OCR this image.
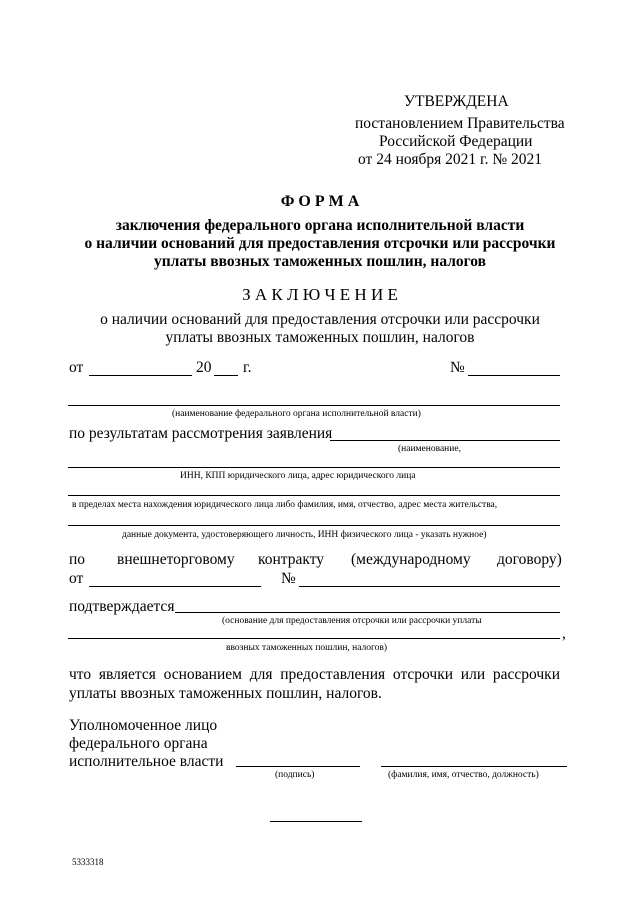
УТВЕРЖДЕНА
постановлением Правительства
Российской Федерации
от 24 ноября 2021 г. № 2021
Ф О Р М А
заключения федерального органа исполнительной власти
о наличии оснований для предоставления отсрочки или рассрочки
уплаты ввозных таможенных пошлин, налогов
З А К Л Ю Ч Е Н И Е
о наличии оснований для предоставления отсрочки или рассрочки
уплаты ввозных таможенных пошлин, налогов
от	20 г.	№
(наименование федерального органа исполнительной власти)
по результатам рассмотрения заявления
(наименование,
ИНН, КПП юридического лица, адрес юридического лица
в пределах места нахождения юридического лица либо фамилия, имя, отчество, адрес места жительства,
данные документа, удостоверяющего личность, ИНН физического лица - указать нужное)
по внешнеторговому контракту (международному договору)
от	№
подтверждается
(основание для предоставления отсрочки или рассрочки уплаты
,
ввозных таможенных пошлин, налогов)
что является основанием для предоставления отсрочки или рассрочки
уплаты ввозных таможенных пошлин, налогов.
Уполномоченное лицо
федерального органа
исполнительное власти
(подпись)	(фамилия, имя, отчество, должность)
5333318
